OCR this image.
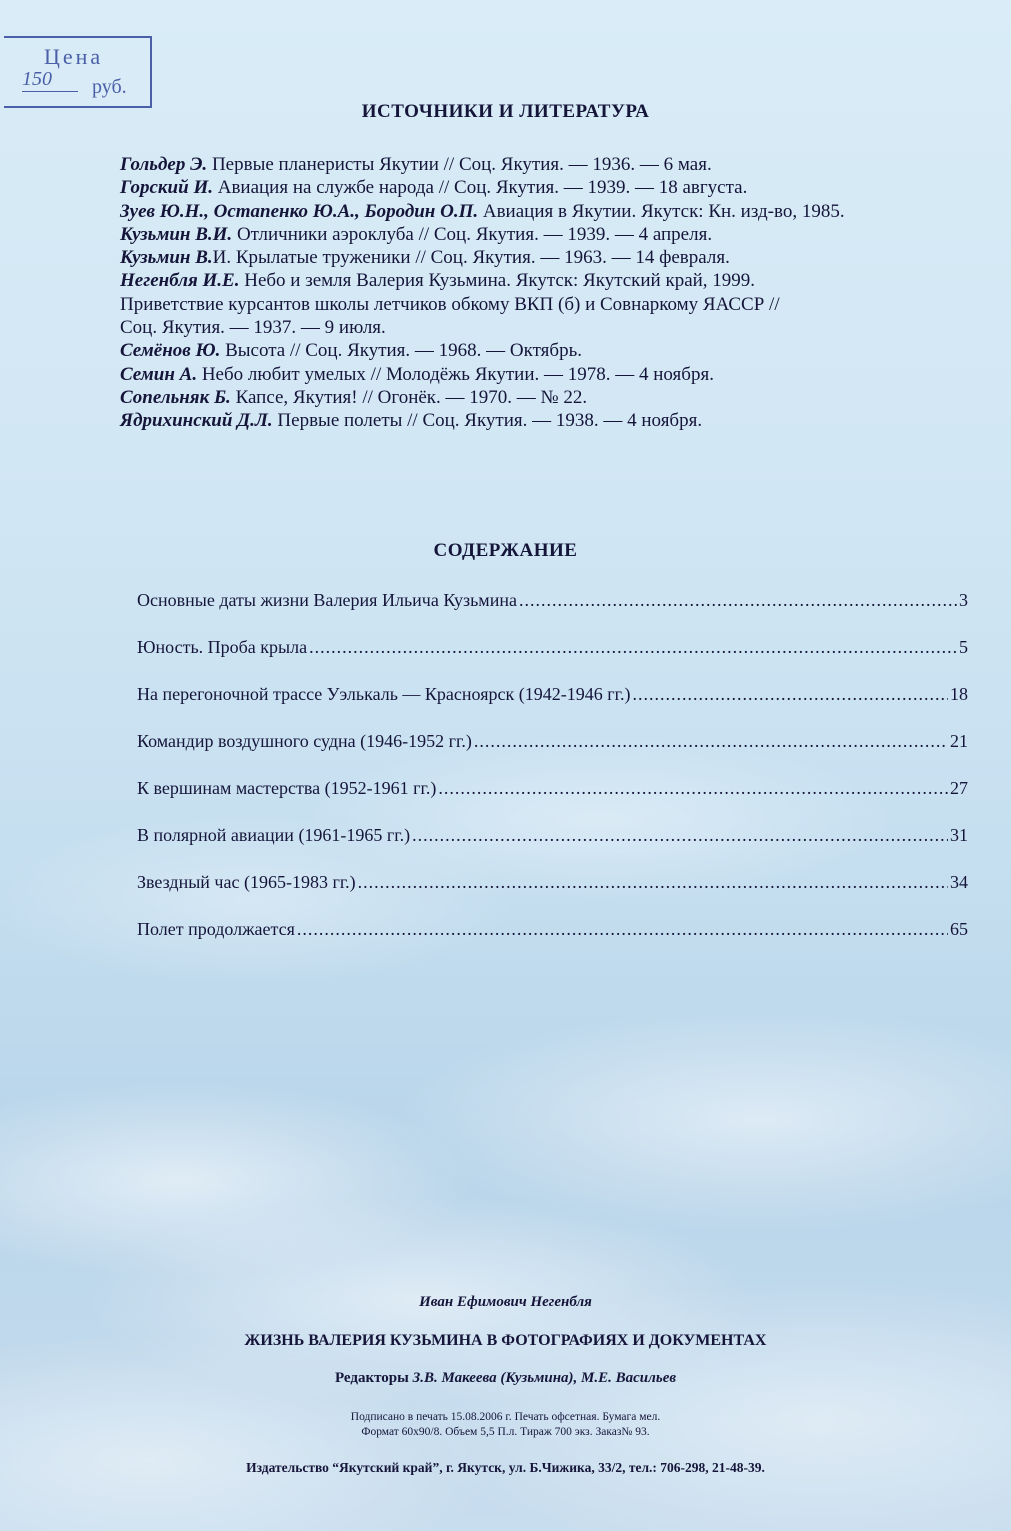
Цена
150	руб.
ИСТОЧНИКИ И ЛИТЕРАТУРА
Гольдер Э. Первые планеристы Якутии // Соц. Якутия. — 1936. — 6 мая.
Горский И. Авиация на службе народа // Соц. Якутия. — 1939. — 18 августа.
Зуев Ю.Н., Остапенко Ю.А., Бородин О.П. Авиация в Якутии. Якутск: Кн. изд-во, 1985.
Кузьмин В.И. Отличники аэроклуба // Соц. Якутия. — 1939. — 4 апреля.
Кузьмин В.И. Крылатые труженики // Соц. Якутия. — 1963. — 14 февраля.
Негенбля И.Е. Небо и земля Валерия Кузьмина. Якутск: Якутский край, 1999.
Приветствие курсантов школы летчиков обкому ВКП (б) и Совнаркому ЯАССР //
Соц. Якутия. — 1937. — 9 июля.
Семёнов Ю. Высота // Соц. Якутия. — 1968. — Октябрь.
Семин А. Небо любит умелых // Молодёжь Якутии. — 1978. — 4 ноября.
Сопельняк Б. Капсе, Якутия! // Огонёк. — 1970. — № 22.
Ядрихинский Д.Л. Первые полеты // Соц. Якутия. — 1938. — 4 ноября.
СОДЕРЖАНИЕ
Основные даты жизни Валерия Ильича Кузьмина .....	3
Юность. Проба крыла .....	5
На перегоночной трассе Уэлькаль — Красноярск (1942-1946 гг.) .....	18
Командир воздушного судна (1946-1952 гг.) .....	21
К вершинам мастерства (1952-1961 гг.) .....	27
В полярной авиации (1961-1965 гг.) .....	31
Звездный час (1965-1983 гг.) .....	34
Полет продолжается .....	65
Иван Ефимович Негенбля
ЖИЗНЬ ВАЛЕРИЯ КУЗЬМИНА В ФОТОГРАФИЯХ И ДОКУМЕНТАХ
Редакторы З.В. Макеева (Кузьмина), М.Е. Васильев
Подписано в печать 15.08.2006 г. Печать офсетная. Бумага мел.
Формат 60x90/8. Объем 5,5 П.л. Тираж 700 экз. Заказ№ 93.
Издательство “Якутский край”, г. Якутск, ул. Б.Чижика, 33/2, тел.: 706-298, 21-48-39.
